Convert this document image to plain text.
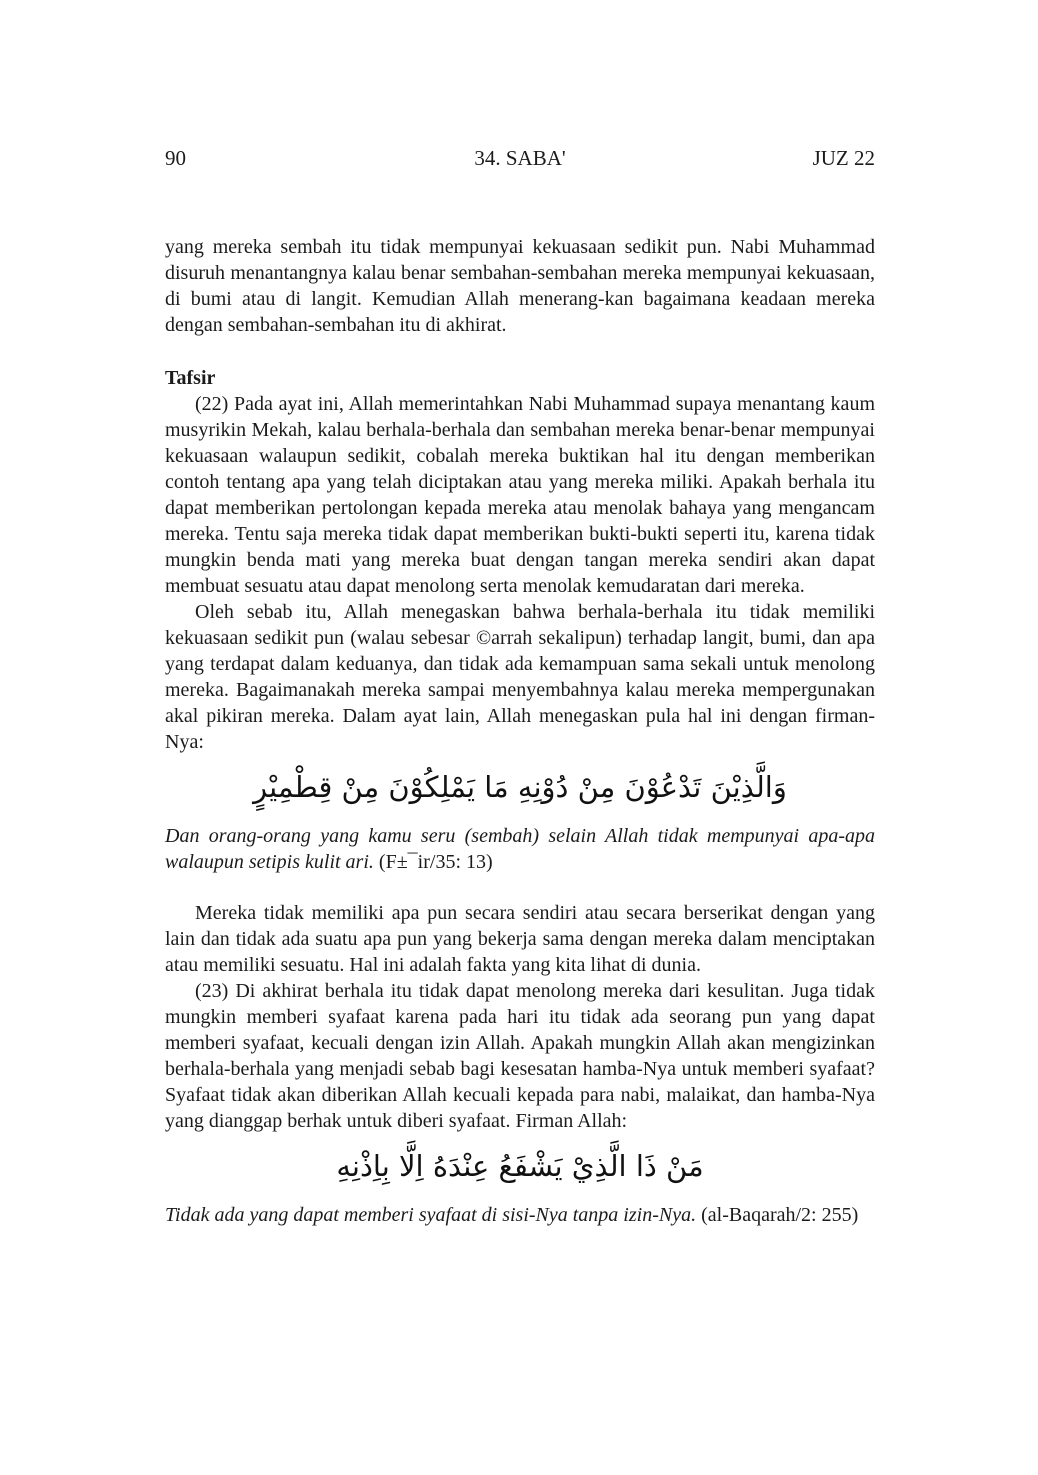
90	34. SABA'	JUZ 22

yang mereka sembah itu tidak mempunyai kekuasaan sedikit pun. Nabi Muhammad disuruh menantangnya kalau benar sembahan-sembahan mereka mempunyai kekuasaan, di bumi atau di langit. Kemudian Allah menerang-kan bagaimana keadaan mereka dengan sembahan-sembahan itu di akhirat.

Tafsir

(22) Pada ayat ini, Allah memerintahkan Nabi Muhammad supaya menantang kaum musyrikin Mekah, kalau berhala-berhala dan sembahan mereka benar-benar mempunyai kekuasaan walaupun sedikit, cobalah mereka buktikan hal itu dengan memberikan contoh tentang apa yang telah diciptakan atau yang mereka miliki. Apakah berhala itu dapat memberikan pertolongan kepada mereka atau menolak bahaya yang mengancam mereka. Tentu saja mereka tidak dapat memberikan bukti-bukti seperti itu, karena tidak mungkin benda mati yang mereka buat dengan tangan mereka sendiri akan dapat membuat sesuatu atau dapat menolong serta menolak kemudaratan dari mereka.

Oleh sebab itu, Allah menegaskan bahwa berhala-berhala itu tidak memiliki kekuasaan sedikit pun (walau sebesar ©arrah sekalipun) terhadap langit, bumi, dan apa yang terdapat dalam keduanya, dan tidak ada kemampuan sama sekali untuk menolong mereka. Bagaimanakah mereka sampai menyembahnya kalau mereka mempergunakan akal pikiran mereka. Dalam ayat lain, Allah menegaskan pula hal ini dengan firman-Nya:

وَالَّذِيْنَ تَدْعُوْنَ مِنْ دُوْنِهِ مَا يَمْلِكُوْنَ مِنْ قِطْمِيْرٍ

Dan orang-orang yang kamu seru (sembah) selain Allah tidak mempunyai apa-apa walaupun setipis kulit ari. (F±¯ir/35: 13)

Mereka tidak memiliki apa pun secara sendiri atau secara berserikat dengan yang lain dan tidak ada suatu apa pun yang bekerja sama dengan mereka dalam menciptakan atau memiliki sesuatu. Hal ini adalah fakta yang kita lihat di dunia.

(23) Di akhirat berhala itu tidak dapat menolong mereka dari kesulitan. Juga tidak mungkin memberi syafaat karena pada hari itu tidak ada seorang pun yang dapat memberi syafaat, kecuali dengan izin Allah. Apakah mungkin Allah akan mengizinkan berhala-berhala yang menjadi sebab bagi kesesatan hamba-Nya untuk memberi syafaat? Syafaat tidak akan diberikan Allah kecuali kepada para nabi, malaikat, dan hamba-Nya yang dianggap berhak untuk diberi syafaat. Firman Allah:

مَنْ ذَا الَّذِيْ يَشْفَعُ عِنْدَهُ اِلَّا بِاِذْنِهِ

Tidak ada yang dapat memberi syafaat di sisi-Nya tanpa izin-Nya. (al-Baqarah/2: 255)
